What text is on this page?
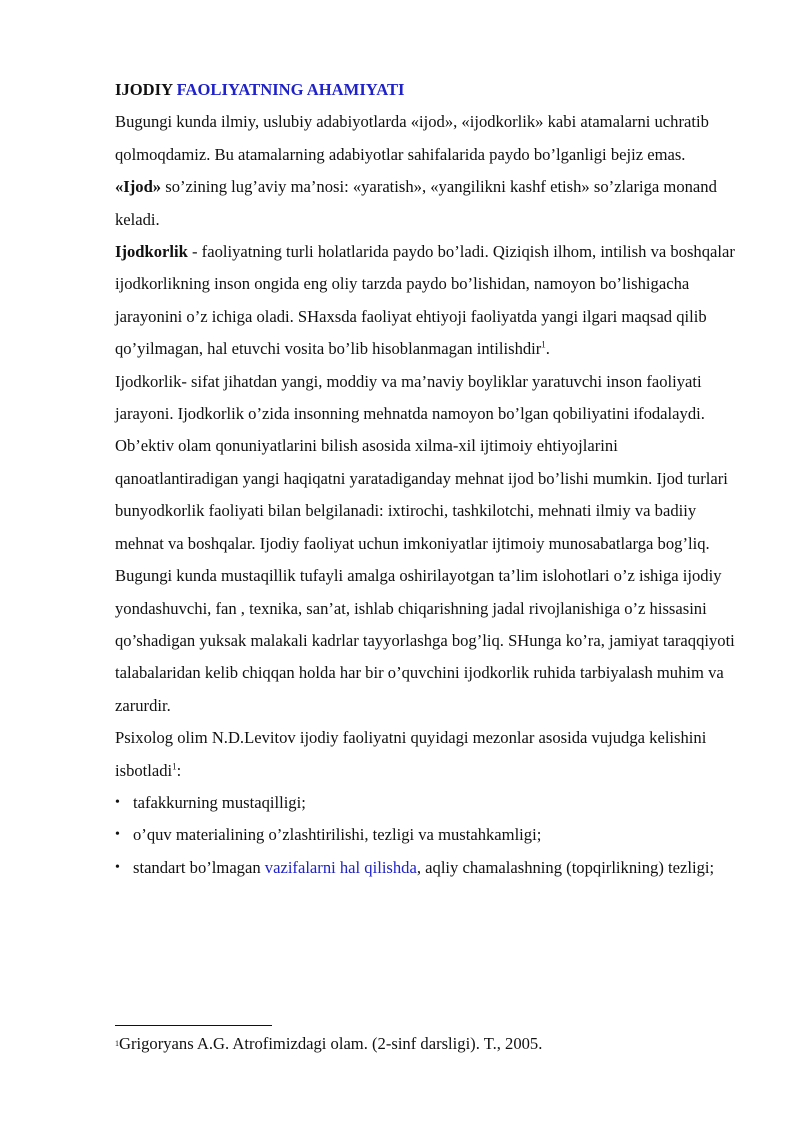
IJODIY FAOLIYATNING AHAMIYATI

Bugungi kunda ilmiy, uslubiy adabiyotlarda «ijod», «ijodkorlik» kabi atamalarni uchratib qolmoqdamiz. Bu atamalarning adabiyotlar sahifalarida paydo bo’lganligi bejiz emas.

«Ijod» so’zining lug’aviy ma’nosi: «yaratish», «yangilikni kashf etish» so’zlariga monand keladi.

Ijodkorlik - faoliyatning turli holatlarida paydo bo’ladi. Qiziqish ilhom, intilish va boshqalar ijodkorlikning inson ongida eng oliy tarzda paydo bo’lishidan, namoyon bo’lishigacha jarayonini o’z ichiga oladi. SHaxsda faoliyat ehtiyoji faoliyatda yangi ilgari maqsad qilib qo’yilmagan, hal etuvchi vosita bo’lib hisoblanmagan intilishdir$^1$.

Ijodkorlik- sifat jihatdan yangi, moddiy va ma’naviy boyliklar yaratuvchi inson faoliyati jarayoni. Ijodkorlik o’zida insonning mehnatda namoyon bo’lgan qobiliyatini ifodalaydi. Ob’ektiv olam qonuniyatlarini bilish asosida xilma-xil ijtimoiy ehtiyojlarini qanoatlantiradigan yangi haqiqatni yaratadiganday mehnat ijod bo’lishi mumkin. Ijod turlari bunyodkorlik faoliyati bilan belgilanadi: ixtirochi, tashkilotchi, mehnati ilmiy va badiiy mehnat va boshqalar. Ijodiy faoliyat uchun imkoniyatlar ijtimoiy munosabatlarga bog’liq. Bugungi kunda mustaqillik tufayli amalga oshirilayotgan ta’lim islohotlari o’z ishiga ijodiy yondashuvchi, fan , texnika, san’at, ishlab chiqarishning jadal rivojlanishiga o’z hissasini qo’shadigan yuksak malakali kadrlar tayyorlashga bog’liq. SHunga ko’ra, jamiyat taraqqiyoti talabalaridan kelib chiqqan holda har bir o’quvchini ijodkorlik ruhida tarbiyalash muhim va zarurdir.

Psixolog olim N.D.Levitov ijodiy faoliyatni quyidagi mezonlar asosida vujudga kelishini isbotladi$^1$:

• tafakkurning mustaqilligi;
• o’quv materialining o’zlashtirilishi, tezligi va mustahkamligi;
• standart bo’lmagan vazifalarni hal qilishda, aqliy chamalashning (topqirlikning) tezligi;
$^1$Grigoryans A.G. Atrofimizdagi olam. (2-sinf darsligi). T., 2005.
